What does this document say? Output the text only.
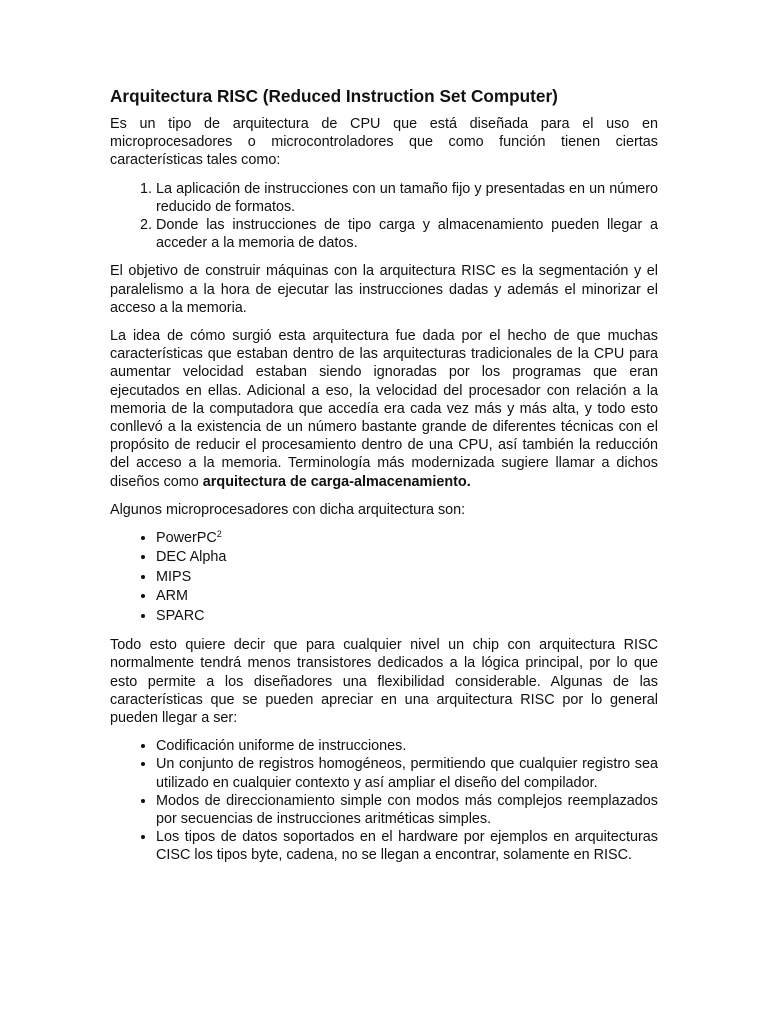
Arquitectura RISC (Reduced Instruction Set Computer)

Es un tipo de arquitectura de CPU que está diseñada para el uso en microprocesadores o microcontroladores que como función tienen ciertas características tales como:

1. La aplicación de instrucciones con un tamaño fijo y presentadas en un número reducido de formatos.
2. Donde las instrucciones de tipo carga y almacenamiento pueden llegar a acceder a la memoria de datos.

El objetivo de construir máquinas con la arquitectura RISC es la segmentación y el paralelismo a la hora de ejecutar las instrucciones dadas y además el minorizar el acceso a la memoria.

La idea de cómo surgió esta arquitectura fue dada por el hecho de que muchas características que estaban dentro de las arquitecturas tradicionales de la CPU para aumentar velocidad estaban siendo ignoradas por los programas que eran ejecutados en ellas. Adicional a eso, la velocidad del procesador con relación a la memoria de la computadora que accedía era cada vez más y más alta, y todo esto conllevó a la existencia de un número bastante grande de diferentes técnicas con el propósito de reducir el procesamiento dentro de una CPU, así también la reducción del acceso a la memoria. Terminología más modernizada sugiere llamar a dichos diseños como arquitectura de carga-almacenamiento.

Algunos microprocesadores con dicha arquitectura son:

• PowerPC$^2$
• DEC Alpha
• MIPS
• ARM
• SPARC

Todo esto quiere decir que para cualquier nivel un chip con arquitectura RISC normalmente tendrá menos transistores dedicados a la lógica principal, por lo que esto permite a los diseñadores una flexibilidad considerable. Algunas de las características que se pueden apreciar en una arquitectura RISC por lo general pueden llegar a ser:

• Codificación uniforme de instrucciones.
• Un conjunto de registros homogéneos, permitiendo que cualquier registro sea utilizado en cualquier contexto y así ampliar el diseño del compilador.
• Modos de direccionamiento simple con modos más complejos reemplazados por secuencias de instrucciones aritméticas simples.
• Los tipos de datos soportados en el hardware por ejemplos en arquitecturas CISC los tipos byte, cadena, no se llegan a encontrar, solamente en RISC.
